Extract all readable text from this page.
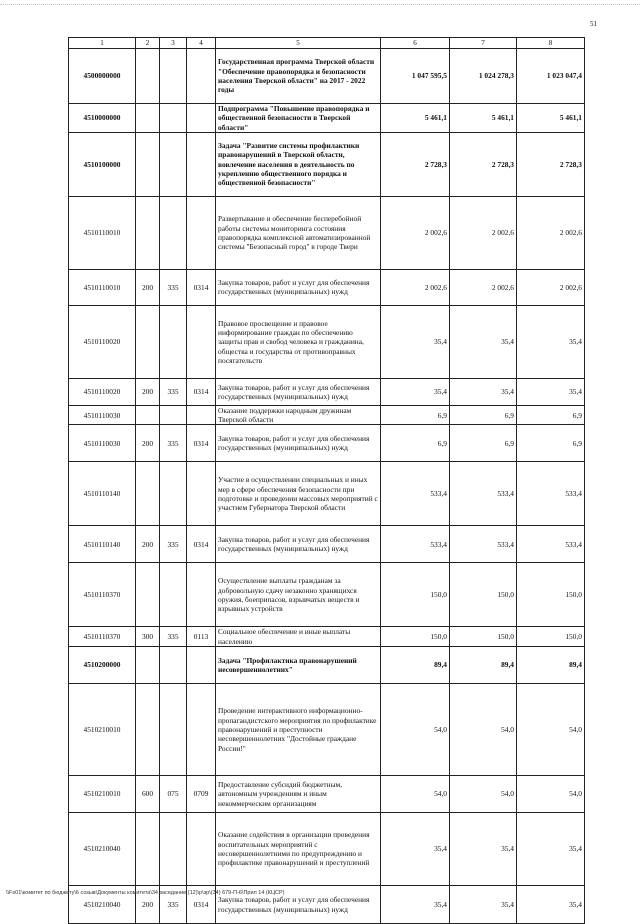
51
1	2	3	4	5	6	7	8
4500000000				Государственная программа Тверской области "Обеспечение правопорядка и безопасности населения Тверской области" на 2017 - 2022 годы	1 047 595,5	1 024 278,3	1 023 047,4
4510000000				Подпрограмма "Повышение правопорядка и общественной безопасности в Тверской области"	5 461,1	5 461,1	5 461,1
4510100000				Задача "Развитие системы профилактики правонарушений в Тверской области, вовлечение населения в деятельность по укреплению общественного порядка и общественной безопасности"	2 728,3	2 728,3	2 728,3
4510110010				Развертывание и обеспечение бесперебойной работы системы мониторинга состояния правопорядка комплексной автоматизированной системы "Безопасный город" в городе Твери	2 002,6	2 002,6	2 002,6
4510110010	200	335	0314	Закупка товаров, работ и услуг для обеспечения государственных (муниципальных) нужд	2 002,6	2 002,6	2 002,6
4510110020				Правовое просвещение и правовое информирование граждан по обеспечению защиты прав и свобод человека и гражданина, общества и государства от противоправных посягательств	35,4	35,4	35,4
4510110020	200	335	0314	Закупка товаров, работ и услуг для обеспечения государственных (муниципальных) нужд	35,4	35,4	35,4
4510110030				Оказание поддержки народным дружинам Тверской области	6,9	6,9	6,9
4510110030	200	335	0314	Закупка товаров, работ и услуг для обеспечения государственных (муниципальных) нужд	6,9	6,9	6,9
4510110140				Участие в осуществлении специальных и иных мер в сфере обеспечения безопасности при подготовке и проведении массовых мероприятий с участием Губернатора Тверской области	533,4	533,4	533,4
4510110140	200	335	0314	Закупка товаров, работ и услуг для обеспечения государственных (муниципальных) нужд	533,4	533,4	533,4
4510110370				Осуществление выплаты гражданам за добровольную сдачу незаконно хранящихся оружия, боеприпасов, взрывчатых веществ и взрывных устройств	150,0	150,0	150,0
4510110370	300	335	0113	Социальное обеспечение и иные выплаты населению	150,0	150,0	150,0
4510200000				Задача "Профилактика правонарушений несовершеннолетних"	89,4	89,4	89,4
4510210010				Проведение интерактивного информационно-пропагандистского мероприятия по профилактике правонарушений и преступности несовершеннолетних "Достойные граждане России!"	54,0	54,0	54,0
4510210010	600	075	0709	Предоставление субсидий бюджетным, автономным учреждениям и иным некоммерческим организациям	54,0	54,0	54,0
4510210040				Оказание содействия в организации проведения воспитательных мероприятий с несовершеннолетними по предупреждению и профилактике правонарушений и преступлений	35,4	35,4	35,4
4510210040	200	335	0314	Закупка товаров, работ и услуг для обеспечения государственных (муниципальных) нужд	35,4	35,4	35,4
\\Fs01\комитет по бюджету\6 созыв\Документы комитета\34 заседание (12)\р\зр\(34) 679-П-6\Прил 14 (КЦСР)
